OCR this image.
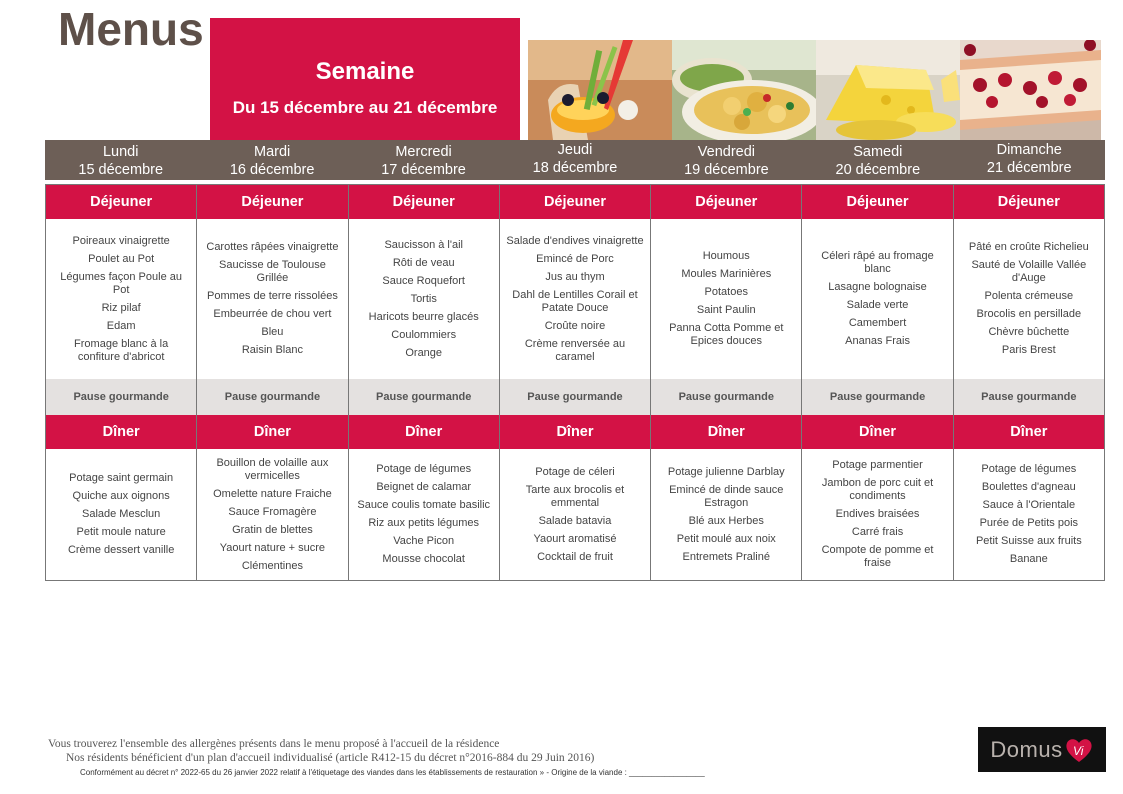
Menus
Semaine
Du 15 décembre au 21 décembre
Lundi
15 décembre
Mardi
16 décembre
Mercredi
17 décembre
Jeudi
18 décembre
Vendredi
19 décembre
Samedi
20 décembre
Dimanche
21 décembre
Déjeuner
Poireaux vinaigrette
Poulet au Pot
Légumes façon Poule au Pot
Riz pilaf
Edam
Fromage blanc à la confiture d'abricot
Pause gourmande
Dîner
Potage saint germain
Quiche aux oignons
Salade Mesclun
Petit moule nature
Crème dessert vanille
Déjeuner
Carottes râpées vinaigrette
Saucisse de Toulouse Grillée
Pommes de terre rissolées
Embeurrée de chou vert
Bleu
Raisin Blanc
Pause gourmande
Dîner
Bouillon de volaille aux vermicelles
Omelette nature Fraiche
Sauce Fromagère
Gratin de blettes
Yaourt nature + sucre
Clémentines
Déjeuner
Saucisson à l'ail
Rôti de veau
Sauce Roquefort
Tortis
Haricots beurre glacés
Coulommiers
Orange
Pause gourmande
Dîner
Potage de légumes
Beignet de calamar
Sauce coulis tomate basilic
Riz aux petits légumes
Vache Picon
Mousse chocolat
Déjeuner
Salade d'endives vinaigrette
Emincé de Porc
Jus au thym
Dahl de Lentilles Corail et Patate Douce
Croûte noire
Crème renversée au caramel
Pause gourmande
Dîner
Potage de céleri
Tarte aux brocolis et emmental
Salade batavia
Yaourt aromatisé
Cocktail de fruit
Déjeuner
Houmous
Moules Marinières
Potatoes
Saint Paulin
Panna Cotta Pomme et Epices douces
Pause gourmande
Dîner
Potage julienne Darblay
Emincé de dinde sauce Estragon
Blé aux Herbes
Petit moulé aux noix
Entremets Praliné
Déjeuner
Céleri râpé au fromage blanc
Lasagne bolognaise
Salade verte
Camembert
Ananas Frais
Pause gourmande
Dîner
Potage parmentier
Jambon de porc cuit et condiments
Endives braisées
Carré frais
Compote de pomme et fraise
Déjeuner
Pâté en croûte Richelieu
Sauté de Volaille Vallée d'Auge
Polenta crémeuse
Brocolis en persillade
Chèvre bûchette
Paris Brest
Pause gourmande
Dîner
Potage de légumes
Boulettes d'agneau
Sauce à l'Orientale
Purée de Petits pois
Petit Suisse aux fruits
Banane
Vous trouverez l'ensemble des allergènes présents dans le menu proposé à l'accueil de la résidence
Nos résidents bénéficient d'un plan d'accueil individualisé (article R412-15 du décret n°2016-884 du 29 Juin 2016)
Conformément au décret n° 2022-65 du 26 janvier 2022 relatif à l'étiquetage des viandes dans les établissements de restauration » - Origine de la viande : _________________
Domus Vi
